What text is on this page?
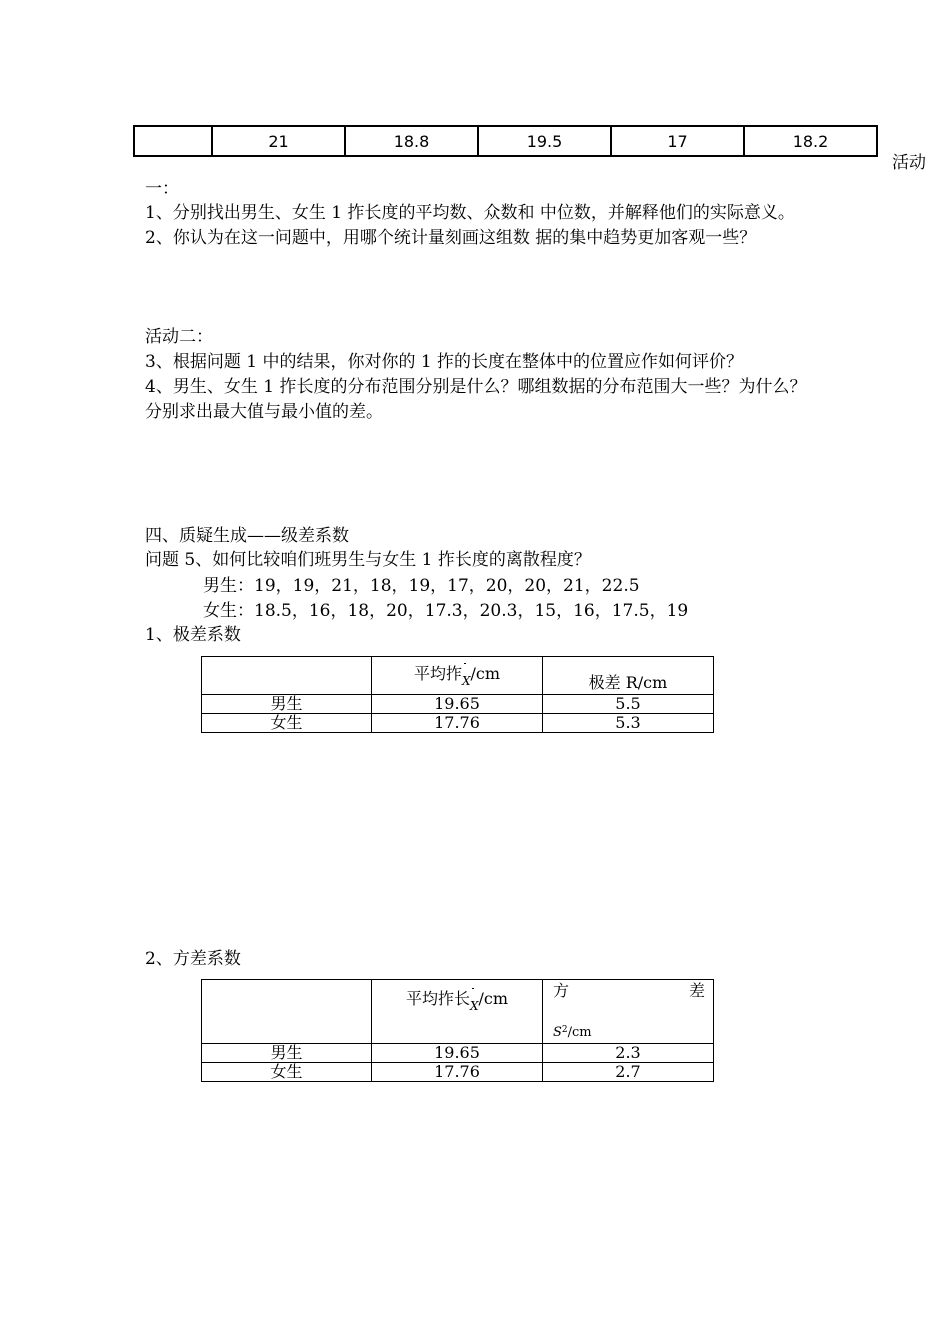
	21	18.8	19.5	17	18.2
活动
一：
1、分别找出男生、女生 1 拃长度的平均数、众数和 中位数，并解释他们的实际意义。
2、你认为在这一问题中，用哪个统计量刻画这组数 据的集中趋势更加客观一些？
活动二：
3、根据问题 1 中的结果，你对你的 1 拃的长度在整体中的位置应作如何评价？
4、男生、女生 1 拃长度的分布范围分别是什么？哪组数据的分布范围大一些？为什么？
分别求出最大值与最小值的差。
四、质疑生成——级差系数
问题 5、如何比较咱们班男生与女生 1 拃长度的离散程度？
男生：19，19，21，18，19，17，20，20，21，22.5
女生：18.5，16，18，20，17.3，20.3，15，16，17.5，19
1、极差系数
	平均拃X/cm	极差 R/cm
男生	19.65	5.5
女生	17.76	5.3
2、方差系数
	平均拃长X/cm	方 差
$S^2/cm$

男生	19.65	2.3
女生	17.76	2.7
